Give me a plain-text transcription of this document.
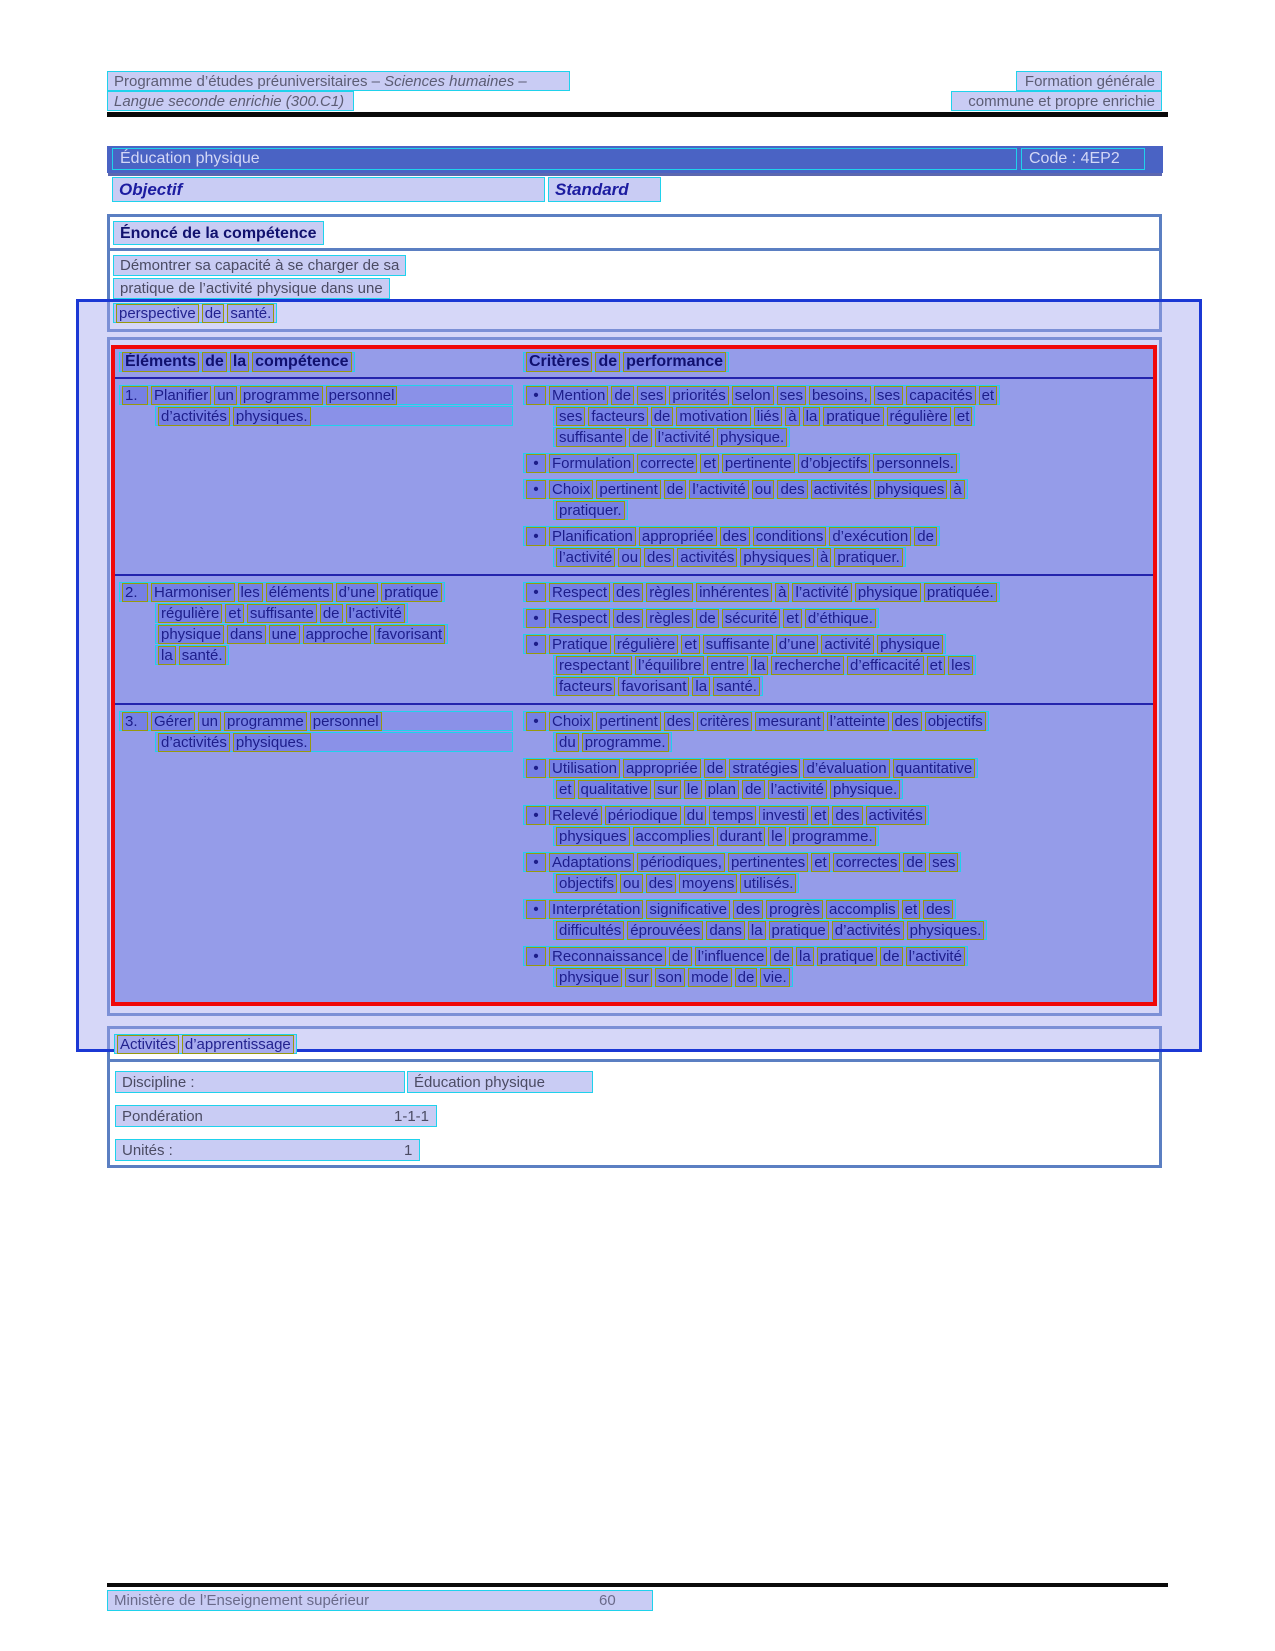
Programme d’études préuniversitaires – Sciences humaines –	Formation générale
Langue seconde enrichie (300.C1)	commune et propre enrichie
Éducation physique	Code : 4EP2
Objectif	Standard
Énoncé de la compétence
Démontrer sa capacité à se charger de sa
pratique de l’activité physique dans une
perspective de santé.
Éléments de la compétence	Critères de performance
1.	Planifier un programme personnel
d’activités physiques.
• Mention de ses priorités selon ses besoins, ses capacités et
ses facteurs de motivation liés à la pratique régulière et
suffisante de l’activité physique.
• Formulation correcte et pertinente d’objectifs personnels.
• Choix pertinent de l’activité ou des activités physiques à
pratiquer.
• Planification appropriée des conditions d’exécution de
l’activité ou des activités physiques à pratiquer.
2.	Harmoniser les éléments d’une pratique
régulière et suffisante de l’activité
physique dans une approche favorisant
la santé.
• Respect des règles inhérentes à l’activité physique pratiquée.
• Respect des règles de sécurité et d’éthique.
• Pratique régulière et suffisante d’une activité physique
respectant l’équilibre entre la recherche d’efficacité et les
facteurs favorisant la santé.
3.	Gérer un programme personnel
d’activités physiques.
• Choix pertinent des critères mesurant l’atteinte des objectifs
du programme.
• Utilisation appropriée de stratégies d’évaluation quantitative
et qualitative sur le plan de l’activité physique.
• Relevé périodique du temps investi et des activités
physiques accomplies durant le programme.
• Adaptations périodiques, pertinentes et correctes de ses
objectifs ou des moyens utilisés.
• Interprétation significative des progrès accomplis et des
difficultés éprouvées dans la pratique d’activités physiques.
• Reconnaissance de l’influence de la pratique de l’activité
physique sur son mode de vie.
Activités d’apprentissage
Discipline :	Éducation physique
Pondération	1-1-1
Unités :	1
Ministère de l’Enseignement supérieur	60
